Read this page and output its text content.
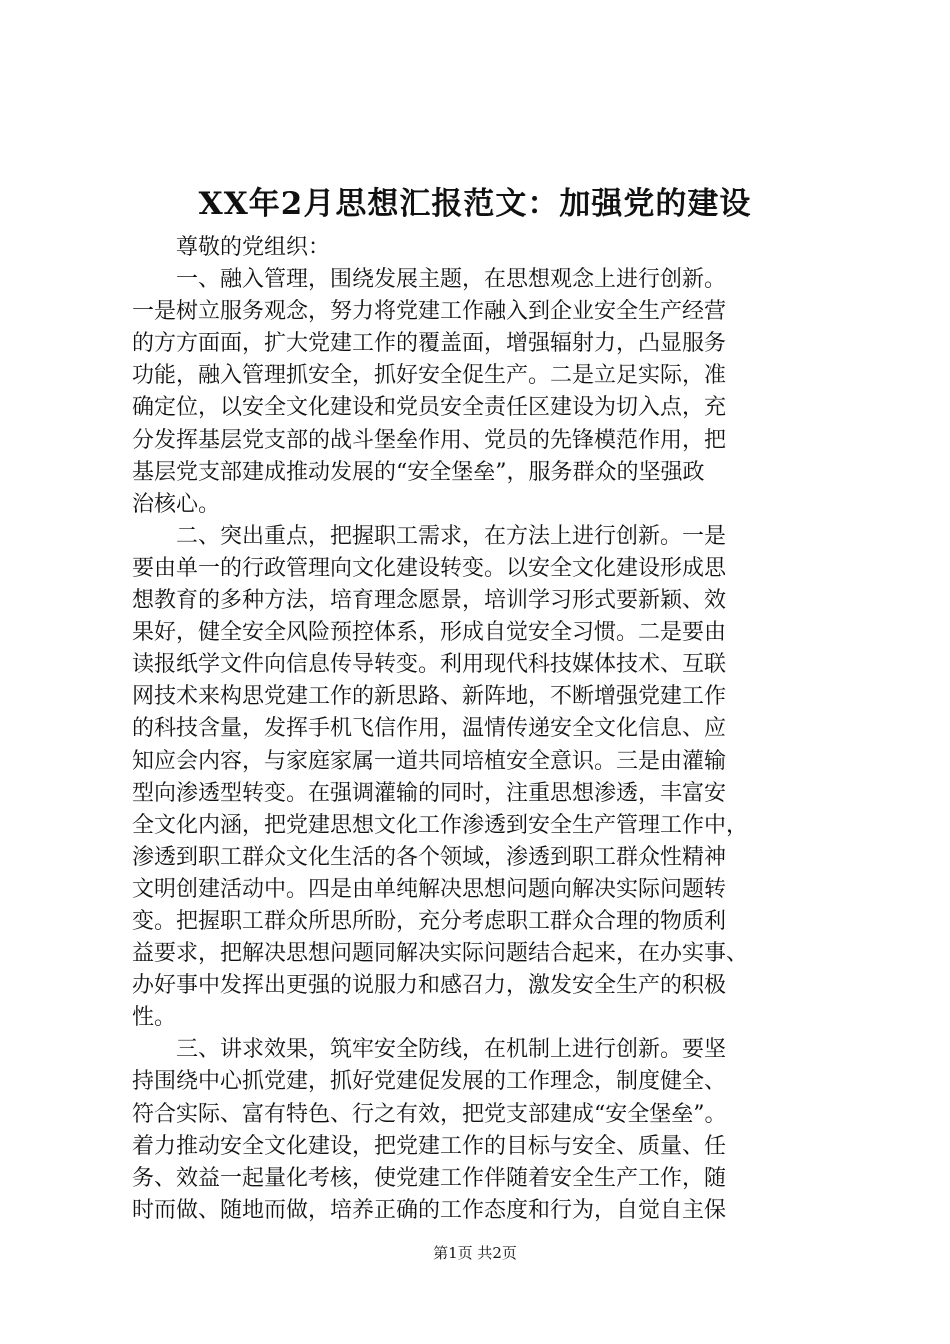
XX年2月思想汇报范文：加强党的建设
　　尊敬的党组织：
　　一、融入管理，围绕发展主题，在思想观念上进行创新。
一是树立服务观念，努力将党建工作融入到企业安全生产经营
的方方面面，扩大党建工作的覆盖面，增强辐射力，凸显服务
功能，融入管理抓安全，抓好安全促生产。二是立足实际，准
确定位，以安全文化建设和党员安全责任区建设为切入点，充
分发挥基层党支部的战斗堡垒作用、党员的先锋模范作用，把
基层党支部建成推动发展的“安全堡垒”，服务群众的坚强政
治核心。
　　二、突出重点，把握职工需求，在方法上进行创新。一是
要由单一的行政管理向文化建设转变。以安全文化建设形成思
想教育的多种方法，培育理念愿景，培训学习形式要新颖、效
果好，健全安全风险预控体系，形成自觉安全习惯。二是要由
读报纸学文件向信息传导转变。利用现代科技媒体技术、互联
网技术来构思党建工作的新思路、新阵地，不断增强党建工作
的科技含量，发挥手机飞信作用，温情传递安全文化信息、应
知应会内容，与家庭家属一道共同培植安全意识。三是由灌输
型向渗透型转变。在强调灌输的同时，注重思想渗透，丰富安
全文化内涵，把党建思想文化工作渗透到安全生产管理工作中，
渗透到职工群众文化生活的各个领域，渗透到职工群众性精神
文明创建活动中。四是由单纯解决思想问题向解决实际问题转
变。把握职工群众所思所盼，充分考虑职工群众合理的物质利
益要求，把解决思想问题同解决实际问题结合起来，在办实事、
办好事中发挥出更强的说服力和感召力，激发安全生产的积极
性。
　　三、讲求效果，筑牢安全防线，在机制上进行创新。要坚
持围绕中心抓党建，抓好党建促发展的工作理念，制度健全、
符合实际、富有特色、行之有效，把党支部建成“安全堡垒”。
着力推动安全文化建设，把党建工作的目标与安全、质量、任
务、效益一起量化考核，使党建工作伴随着安全生产工作，随
时而做、随地而做，培养正确的工作态度和行为，自觉自主保
第1页 共2页
